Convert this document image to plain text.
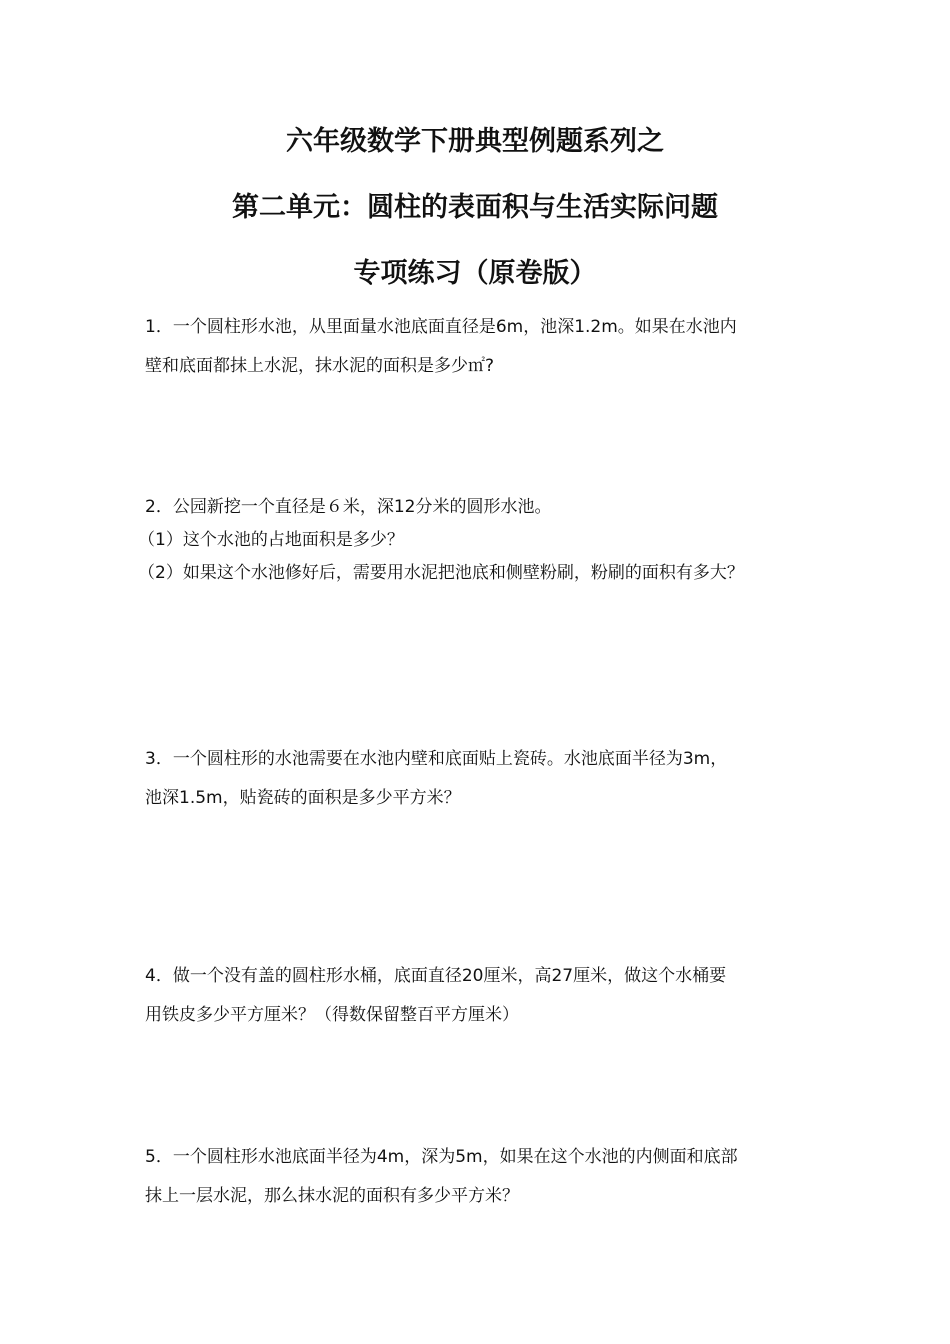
六年级数学下册典型例题系列之
第二单元：圆柱的表面积与生活实际问题
专项练习（原卷版）
1．一个圆柱形水池，从里面量水池底面直径是6m，池深1.2m。如果在水池内
壁和底面都抹上水泥，抹水泥的面积是多少㎡?
2．公园新挖一个直径是６米，深12分米的圆形水池。
（1）这个水池的占地面积是多少？
（2）如果这个水池修好后，需要用水泥把池底和侧壁粉刷，粉刷的面积有多大？
3．一个圆柱形的水池需要在水池内壁和底面贴上瓷砖。水池底面半径为3m，
池深1.5m，贴瓷砖的面积是多少平方米？
4．做一个没有盖的圆柱形水桶，底面直径20厘米，高27厘米，做这个水桶要
用铁皮多少平方厘米？（得数保留整百平方厘米）
5．一个圆柱形水池底面半径为4m，深为5m，如果在这个水池的内侧面和底部
抹上一层水泥，那么抹水泥的面积有多少平方米？
